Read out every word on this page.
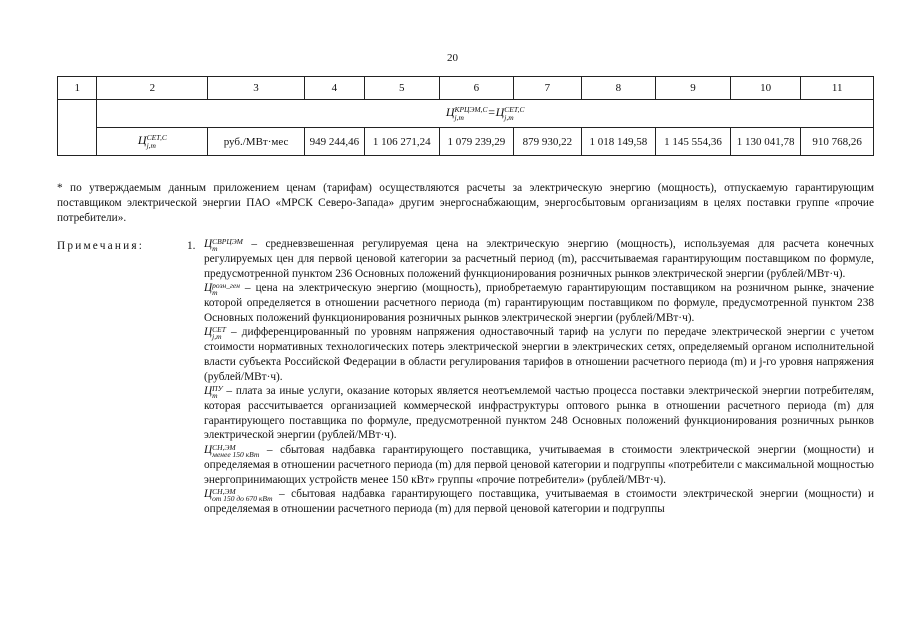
20
1	2	3	4	5	6	7	8	9	10	11
	ЦКРЦЭМ,С
j,m =ЦСЕТ,С
j,m									
	ЦСЕТ,С
j,m	руб./МВт·мес	949 244,46	1 106 271,24	1 079 239,29	879 930,22	1 018 149,58	1 145 554,36	1 130 041,78	910 768,26
* по утверждаемым данным приложением ценам (тарифам) осуществляются расчеты за электрическую энергию (мощность), отпускаемую гарантирующим поставщиком электрической энергии ПАО «МРСК Северо-Запада» другим энергоснабжающим, энергосбытовым организациям в целях поставки группе «прочие потребители».
Примечания:	1. ЦСВРЦЭМ
m – средневзвешенная регулируемая цена на электрическую энергию (мощность), используемая для расчета конечных регулируемых цен для первой ценовой категории за расчетный период (m), рассчитываемая гарантирующим поставщиком по формуле, предусмотренной пунктом 236 Основных положений функционирования розничных рынков электрической энергии (рублей/МВт·ч).

Црозн_ген
m – цена на электрическую энергию (мощность), приобретаемую гарантирующим поставщиком на розничном рынке, значение которой определяется в отношении расчетного периода (m) гарантирующим поставщиком по формуле, предусмотренной пунктом 238 Основных положений функционирования розничных рынков электрической энергии (рублей/МВт·ч).

ЦСЕТ
j,m – дифференцированный по уровням напряжения одноставочный тариф на услуги по передаче электрической энергии с учетом стоимости нормативных технологических потерь электрической энергии в электрических сетях, определяемый органом исполнительной власти субъекта Российской Федерации в области регулирования тарифов в отношении расчетного периода (m) и j-го уровня напряжения (рублей/МВт·ч).

ЦПУ
m – плата за иные услуги, оказание которых является неотъемлемой частью процесса поставки электрической энергии потребителям, которая рассчитывается организацией коммерческой инфраструктуры оптового рынка в отношении расчетного периода (m) для гарантирующего поставщика по формуле, предусмотренной пунктом 248 Основных положений функционирования розничных рынков электрической энергии (рублей/МВт·ч).

ЦСН,ЭМ
менее 150 кВт – сбытовая надбавка гарантирующего поставщика, учитываемая в стоимости электрической энергии (мощности) и определяемая в отношении расчетного периода (m) для первой ценовой категории и подгруппы «потребители с максимальной мощностью энергопринимающих устройств менее 150 кВт» группы «прочие потребители» (рублей/МВт·ч).

ЦСН,ЭМ
от 150 до 670 кВт – сбытовая надбавка гарантирующего поставщика, учитываемая в стоимости электрической энергии (мощности) и определяемая в отношении расчетного периода (m) для первой ценовой категории и подгруппы
